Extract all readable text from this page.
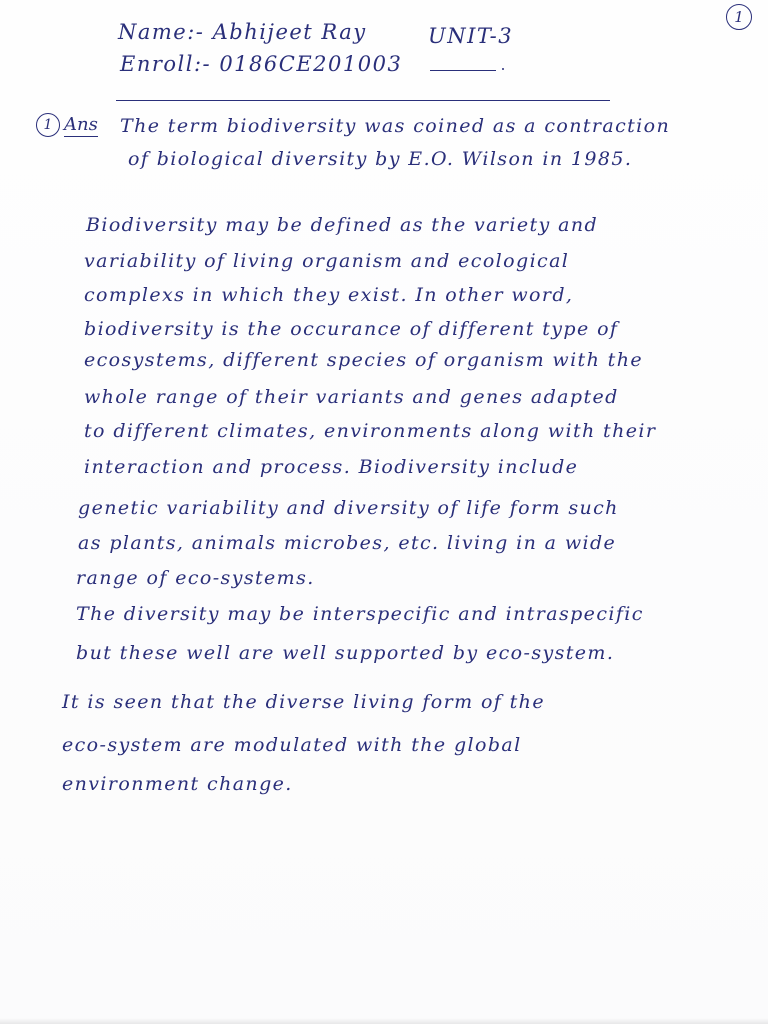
1
Name:- Abhijeet Ray	UNIT-3
Enroll:- 0186CE201003
1 Ans The term biodiversity was coined as a contraction
of biological diversity by E.O. Wilson in 1985.
Biodiversity may be defined as the variety and
variability of living organism and ecological
complexs in which they exist. In other word,
biodiversity is the occurance of different type of
ecosystems, different species of organism with the
whole range of their variants and genes adapted
to different climates, environments along with their
interaction and process. Biodiversity include
genetic variability and diversity of life form such
as plants, animals microbes, etc. living in a wide
range of eco-systems.
The diversity may be interspecific and intraspecific
but these well are well supported by eco-system.
It is seen that the diverse living form of the
eco-system are modulated with the global
environment change.
